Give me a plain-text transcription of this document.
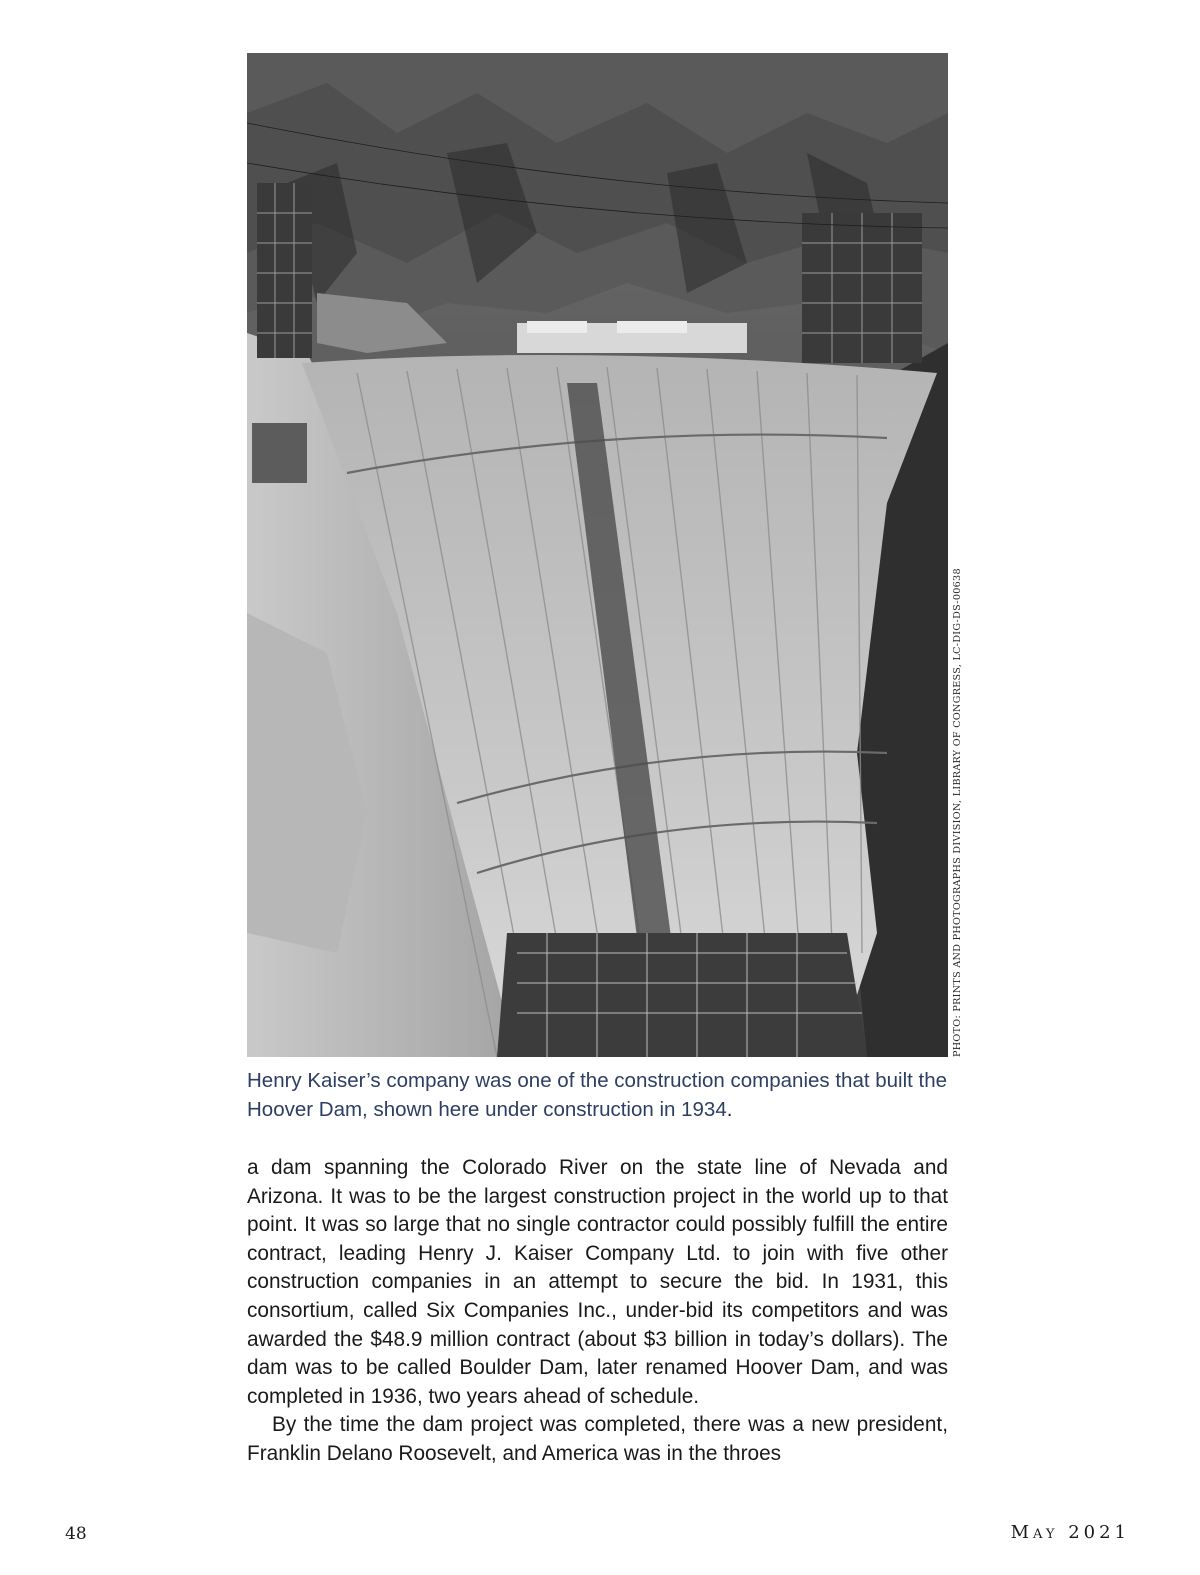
PHOTO: PRINTS AND PHOTOGRAPHS DIVISION, LIBRARY OF CONGRESS, LC-DIG-DS-00638
Henry Kaiser’s company was one of the construction companies that built the Hoover Dam, shown here under construction in 1934.

a dam spanning the Colorado River on the state line of Nevada and Arizona. It was to be the largest construction project in the world up to that point. It was so large that no single contractor could possibly fulfill the entire contract, leading Henry J. Kaiser Company Ltd. to join with five other construction companies in an attempt to secure the bid. In 1931, this consortium, called Six Companies Inc., under-bid its competitors and was awarded the $48.9 million contract (about $3 billion in today’s dollars). The dam was to be called Boulder Dam, later renamed Hoover Dam, and was completed in 1936, two years ahead of schedule.

By the time the dam project was completed, there was a new president, Franklin Delano Roosevelt, and America was in the throes

48	May 2021
